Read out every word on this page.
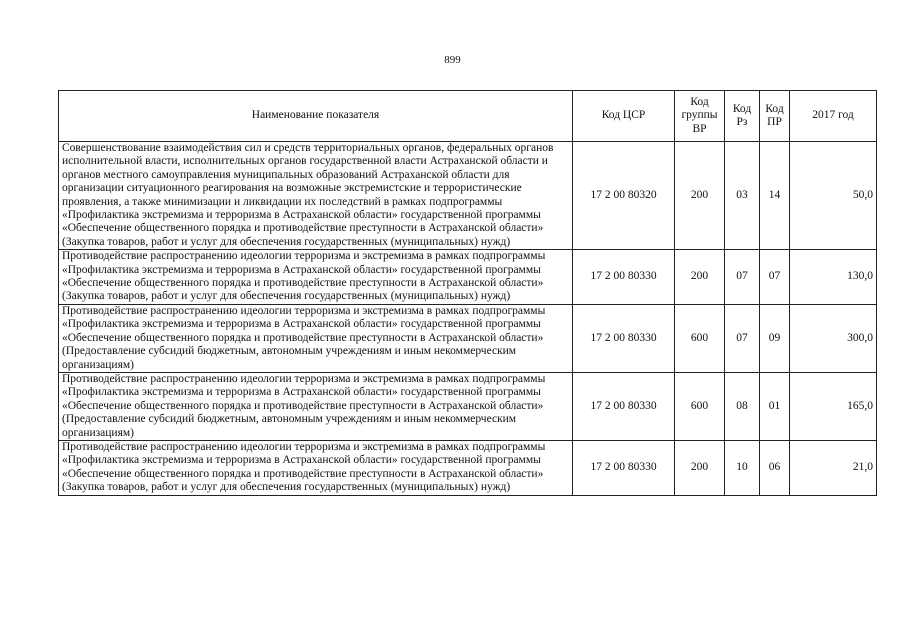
899
Наименование показателя	Код ЦСР	Код группы ВР	Код Рз	Код ПР	2017 год
Совершенствование взаимодействия сил и средств территориальных органов, федеральных органов исполнительной власти, исполнительных органов государственной власти Астраханской области и органов местного самоуправления муниципальных образований Астраханской области для организации ситуационного реагирования на возможные экстремистские и террористические проявления, а также минимизации и ликвидации их последствий в рамках подпрограммы «Профилактика экстремизма и терроризма в Астраханской области» государственной программы «Обеспечение общественного порядка и противодействие преступности в Астраханской области» (Закупка товаров, работ и услуг для обеспечения государственных (муниципальных) нужд)	17 2 00 80320	200	03	14	50,0
Противодействие распространению идеологии терроризма и экстремизма в рамках подпрограммы «Профилактика экстремизма и терроризма в Астраханской области» государственной программы «Обеспечение общественного порядка и противодействие преступности в Астраханской области» (Закупка товаров, работ и услуг для обеспечения государственных (муниципальных) нужд)	17 2 00 80330	200	07	07	130,0
Противодействие распространению идеологии терроризма и экстремизма в рамках подпрограммы «Профилактика экстремизма и терроризма в Астраханской области» государственной программы «Обеспечение общественного порядка и противодействие преступности в Астраханской области» (Предоставление субсидий бюджетным, автономным учреждениям и иным некоммерческим организациям)	17 2 00 80330	600	07	09	300,0
Противодействие распространению идеологии терроризма и экстремизма в рамках подпрограммы «Профилактика экстремизма и терроризма в Астраханской области» государственной программы «Обеспечение общественного порядка и противодействие преступности в Астраханской области» (Предоставление субсидий бюджетным, автономным учреждениям и иным некоммерческим организациям)	17 2 00 80330	600	08	01	165,0
Противодействие распространению идеологии терроризма и экстремизма в рамках подпрограммы «Профилактика экстремизма и терроризма в Астраханской области» государственной программы «Обеспечение общественного порядка и противодействие преступности в Астраханской области» (Закупка товаров, работ и услуг для обеспечения государственных (муниципальных) нужд)	17 2 00 80330	200	10	06	21,0
